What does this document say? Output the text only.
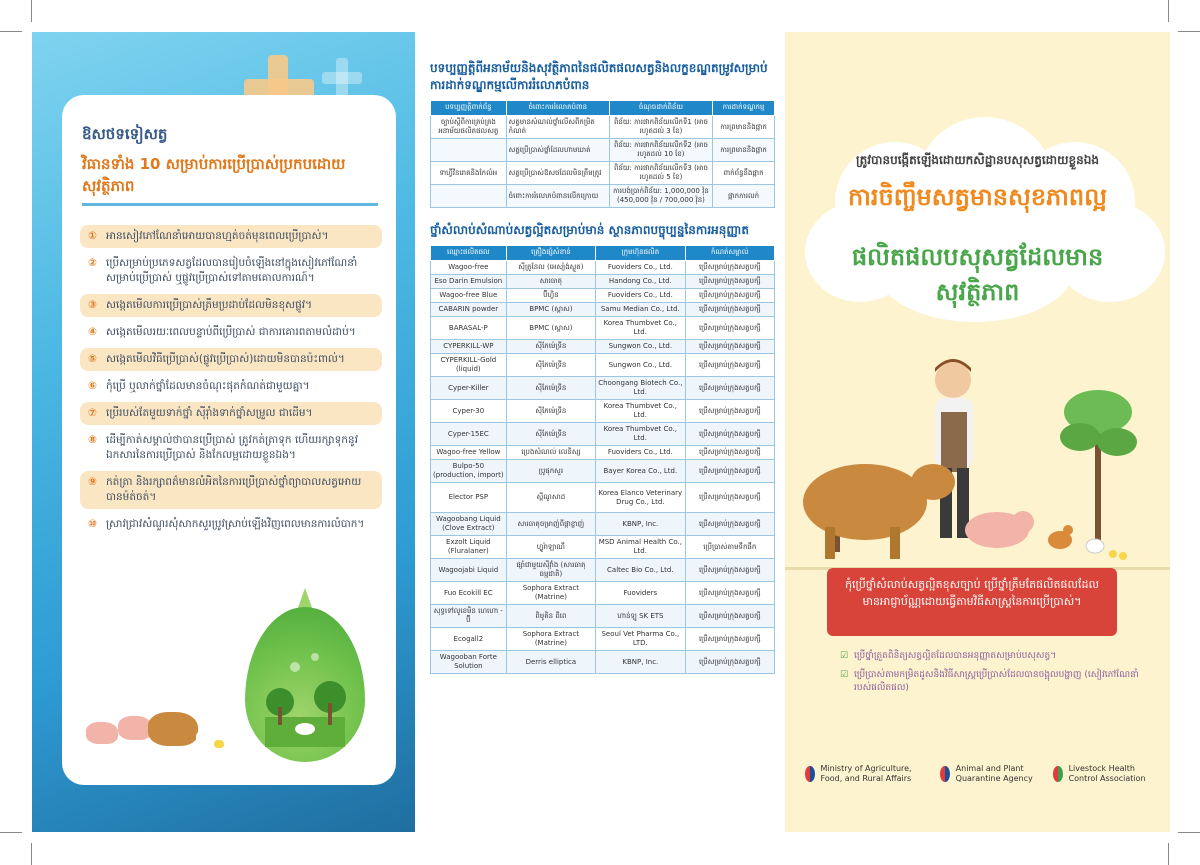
ឱសថទទៀសត្វ
វិធានទាំង 10 សម្រាប់ការប្រើប្រាស់ប្រកបដោយសុវត្ថិភាព
① អានសៀវភៅណែនាំអោយបានហ្មត់ចត់មុនពេលប្រើប្រាស់។
② ប្រើសម្រាប់ប្រភេទសត្វដែលបានរៀបចំឡើងនៅក្នុងសៀវភៅណែនាំសម្រាប់ប្រើប្រាស់ ឬផ្លូវប្រើប្រាស់ទៅតាមគោលការណ៍។
③ សង្កេតមើលការប្រើប្រាស់ត្រឹមប្រដាប់ដែលមិនខុសផ្លូវ។
④ សង្កេតមើលរយៈពេលបន្ទាប់ពីប្រើប្រាស់ ជាការគោរពតាមលំដាប់។
⑤ សង្កេតមើលវិធីប្រើប្រាស់(ផ្លូវប្រើប្រាស់)ដោយមិនបានប៉ះពាល់។
⑥ កុំប្រើ ឬលាក់ថ្នាំដែលមានចំណុះផុតកំណត់ជាមួយគ្នា។
⑦ ប្រើរបស់តែមួយទាក់ថ្នាំ ស៊ីរ៉ាំងទាក់ថ្នាំសម្រួល ជាដើម។
⑧ ដើម្បីកាត់សម្គាល់ថាបានប្រើប្រាស់ ត្រូវកត់ត្រាទុក ហើយរក្សាទុកនូវឯកសារនៃការប្រើប្រាស់ និងកែលម្អដោយខ្លួនឯង។
⑨ កត់ត្រា និងរក្សាពត៌មានលំអិតនៃការប្រើប្រាស់ថ្នាំព្យាបាលសត្វអោយបានម៉ត់ចត់។
⑩ ស្រាវជ្រាវសំណួរសុំសាកសួរប្រូវស្រាប់ឡើងវិញពេលមានការលំបាក។
បទប្បញ្ញត្តិពីអនាម័យនិងសុវត្ថិភាពនៃផលិតផលសត្វនិងលក្ខខណ្ឌតម្រូវសម្រាប់ការដាក់ទណ្ឌកម្មលើការរំលោភបំពាន
បទប្បញ្ញត្តិពាក់ព័ន្ធ	ចំពោះការរំលោភបំពាន	ចំណុចដាក់ពិន័យ	ការដាក់ទណ្ឌកម្ម
ច្បាប់ស្តីពីការគ្រប់គ្រងអនាម័យផលិតផលសត្វ	សត្វមានសំណល់ថ្នាំលើសពីកម្រិតកំណត់	ពិន័យ: ការផាកពិន័យលើកទី1 (អាចរហូតដល់ 3 ខែ)	ការព្រមាននិងផ្អាក
	សត្វប្រើប្រាស់ថ្នាំដែលហាមឃាត់	ពិន័យ: ការផាកពិន័យលើកទី2 (អាចរហូតដល់ 10 ខែ)	ការព្រមាននិងផ្អាក
ទាហ្វីវីនរោគនិងកែលំអ	សត្វប្រើប្រាស់ឱសថដែលមិនត្រឹមត្រូវ	ពិន័យ: ការផាកពិន័យលើកទី3 (អាចរហូតដល់ 5 ខែ)	ពាក់ព័ន្ធនឹងផ្អាក
	ចំពោះការរំលោភបំពានលើកក្រោយ	ការបង់ប្រាក់ពិន័យ: 1,000,000 វ៉ុន (450,000 វ៉ុន / 700,000 វ៉ុន)	ផ្អាកការលក់
ថ្នាំសំលាប់សំណាប់សត្វល្អិតសម្រាប់មាន់ ស្ថានភាពបច្ចុប្បន្ននៃការអនុញ្ញាត
ឈ្មោះផលិតផល	គ្រឿងផ្សំសំខាន់	ក្រុមហ៊ុនផលិត	កំណត់សម្គាល់
Wagoo-free	ស៊ីត្រូនែល (អេស្យ៉ង់ស្ងួត)	Fuoviders Co., Ltd.	ប្រើសម្រាប់ក្រុងសត្វបក្សី
Eso Darin Emulsion	សារធាតុ	Handong Co., Ltd.	ប្រើសម្រាប់ក្រុងសត្វបក្សី
Wagoo-free Blue	ប៊ីហ្វិន	Fuoviders Co., Ltd.	ប្រើសម្រាប់ក្រុងសត្វបក្សី
CABARIN powder	BPMC (ស្ពាស)	Samu Median Co., Ltd.	ប្រើសម្រាប់ក្រុងសត្វបក្សី
BARASAL-P	BPMC (ស្ពាស)	Korea Thumbvet Co., Ltd.	ប្រើសម្រាប់ក្រុងសត្វបក្សី
CYPERKILL-WP	ស៊ីភែម៉េទ្រីន	Sungwon Co., Ltd.	ប្រើសម្រាប់ក្រុងសត្វបក្សី
CYPERKILL-Gold (liquid)	ស៊ីភែម៉េទ្រីន	Sungwon Co., Ltd.	ប្រើសម្រាប់ក្រុងសត្វបក្សី
Cyper-Killer	ស៊ីភែម៉េទ្រីន	Choongang Biotech Co., Ltd.	ប្រើសម្រាប់ក្រុងសត្វបក្សី
Cyper-30	ស៊ីភែម៉េទ្រីន	Korea Thumbvet Co., Ltd.	ប្រើសម្រាប់ក្រុងសត្វបក្សី
Cyper-15EC	ស៊ីភែម៉េទ្រីន	Korea Thumbvet Co., Ltd.	ប្រើសម្រាប់ក្រុងសត្វបក្សី
Wagoo-free Yellow	ប្រេងសំណល់ លេនិស្ស	Fuoviders Co., Ltd.	ប្រើសម្រាប់ក្រុងសត្វបក្សី
Bulpo-50 (production, import)	ប្រូផុកសួរ	Bayer Korea Co., Ltd.	ប្រើសម្រាប់ក្រុងសត្វបក្សី
Elector PSP	ស្ពីណូសាដ	Korea Elanco Veterinary Drug Co., Ltd.	ប្រើសម្រាប់ក្រុងសត្វបក្សី
Wagoobang Liquid (Clove Extract)	សារធាតុចម្រាញ់ពីផ្កាខ្លាញ់	KBNP, Inc.	ប្រើសម្រាប់ក្រុងសត្វបក្សី
Exzolt Liquid (Fluralaner)	ហ្វ្លូរ៉ាឡាណឺ	MSD Animal Health Co., Ltd.	ប្រើប្រាស់តាមទឹកផឹក
Wagoojabi Liquid	ផ្សាំជាមួយស៊ីវ៉ាំង (សារធាតុធម្មជាតិ)	Caltec Bio Co., Ltd.	ប្រើសម្រាប់ក្រុងសត្វបក្សី
Fuo Ecokill EC	Sophora Extract (Matrine)	Fuoviders	ប្រើសម្រាប់ក្រុងសត្វបក្សី
សុទ្ធទៅលូខេមិន ហេហោ - ប៊ី	ពិមូតិន ពីពេ	ហាន់ឡូ SK ETS	ប្រើសម្រាប់ក្រុងសត្វបក្សី
Ecogall2	Sophora Extract (Matrine)	Seoul Vet Pharma Co., LTD.	ប្រើសម្រាប់ក្រុងសត្វបក្សី
Wagooban Forte Solution	Derris elliptica	KBNP, Inc.	ប្រើសម្រាប់ក្រុងសត្វបក្សី
ត្រូវបានបង្កើតឡើងដោយកសិដ្ឋានបសុសត្វដោយខ្លួនឯង
ការចិញ្ចឹមសត្វមានសុខភាពល្អ
ផលិតផលបសុសត្វដែលមានសុវត្ថិភាព
កុំប្រើថ្នាំសំលាប់សត្វល្អិតខុសច្បាប់ ប្រើថ្នាំត្រឹមតែផលិតផលដែលមានអាជ្ញាប័ណ្ណដោយធ្វើតាមវិធីសាស្ត្រនៃការប្រើប្រាស់។
☑ ប្រើថ្នាំត្រួតពិនិត្យសត្វល្អិតដែលបានអនុញ្ញាតសម្រាប់បសុសត្វ។
☑ ប្រើប្រាស់តាមកម្រិតដូសនិងវិធីសាស្ត្រប្រើប្រាស់ដែលបានចង្អុលបង្ហាញ (សៀវភៅណែនាំរបស់ផលិតផល)
Ministry of Agriculture, Food, and Rural Affairs
Animal and Plant Quarantine Agency
Livestock Health Control Association
